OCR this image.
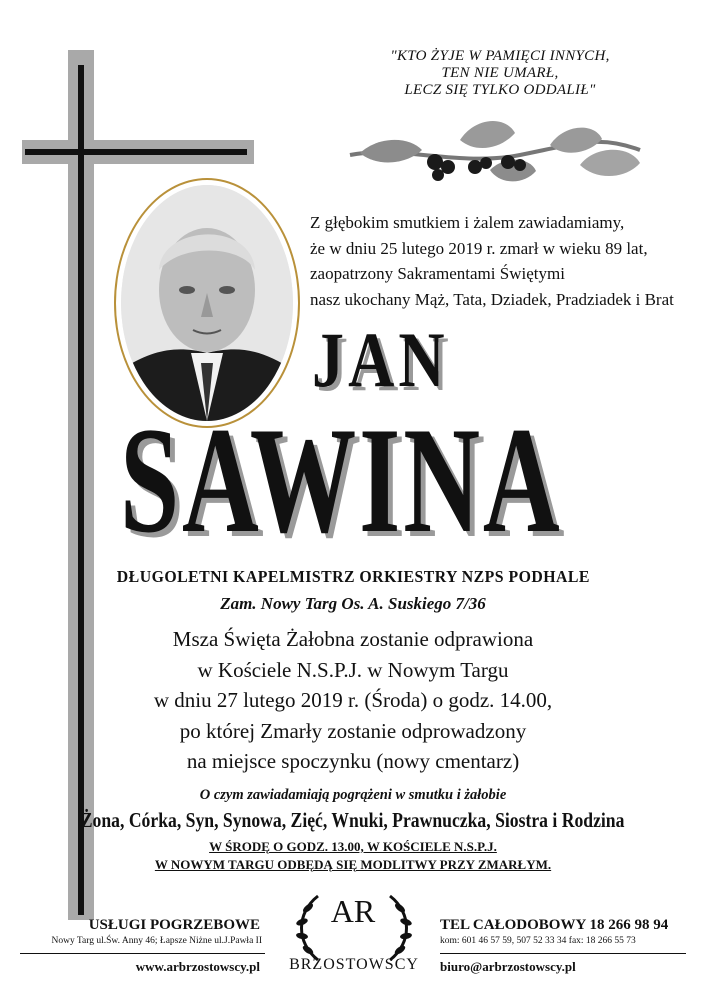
"KTO ŻYJE W PAMIĘCI INNYCH,
TEN NIE UMARŁ,
LECZ SIĘ TYLKO ODDALIŁ"
Z głębokim smutkiem i żalem zawiadamiamy,
że w dniu 25 lutego 2019 r. zmarł w wieku 89 lat,
zaopatrzony Sakramentami Świętymi
nasz ukochany Mąż, Tata, Dziadek, Pradziadek i Brat
JAN
SAWINA
DŁUGOLETNI KAPELMISTRZ ORKIESTRY NZPS PODHALE
Zam. Nowy Targ Os. A. Suskiego 7/36
Msza Święta Żałobna zostanie odprawiona
w Kościele N.S.P.J. w Nowym Targu
w dniu 27 lutego 2019 r. (Środa) o godz. 14.00,
po której Zmarły zostanie odprowadzony
na miejsce spoczynku (nowy cmentarz)
O czym zawiadamiają pogrążeni w smutku i żałobie
Żona, Córka, Syn, Synowa, Zięć, Wnuki, Prawnuczka, Siostra i Rodzina
W ŚRODĘ O GODZ. 13.00, W KOŚCIELE N.S.P.J.
W NOWYM TARGU ODBĘDĄ SIĘ MODLITWY PRZY ZMARŁYM.
USŁUGI POGRZEBOWE
Nowy Targ ul.Św. Anny 46; Łapsze Niżne ul.J.Pawła II
www.arbrzostowscy.pl
AR
BRZOSTOWSCY
TEL CAŁODOBOWY 18 266 98 94
kom: 601 46 57 59, 507 52 33 34 fax: 18 266 55 73
biuro@arbrzostowscy.pl
